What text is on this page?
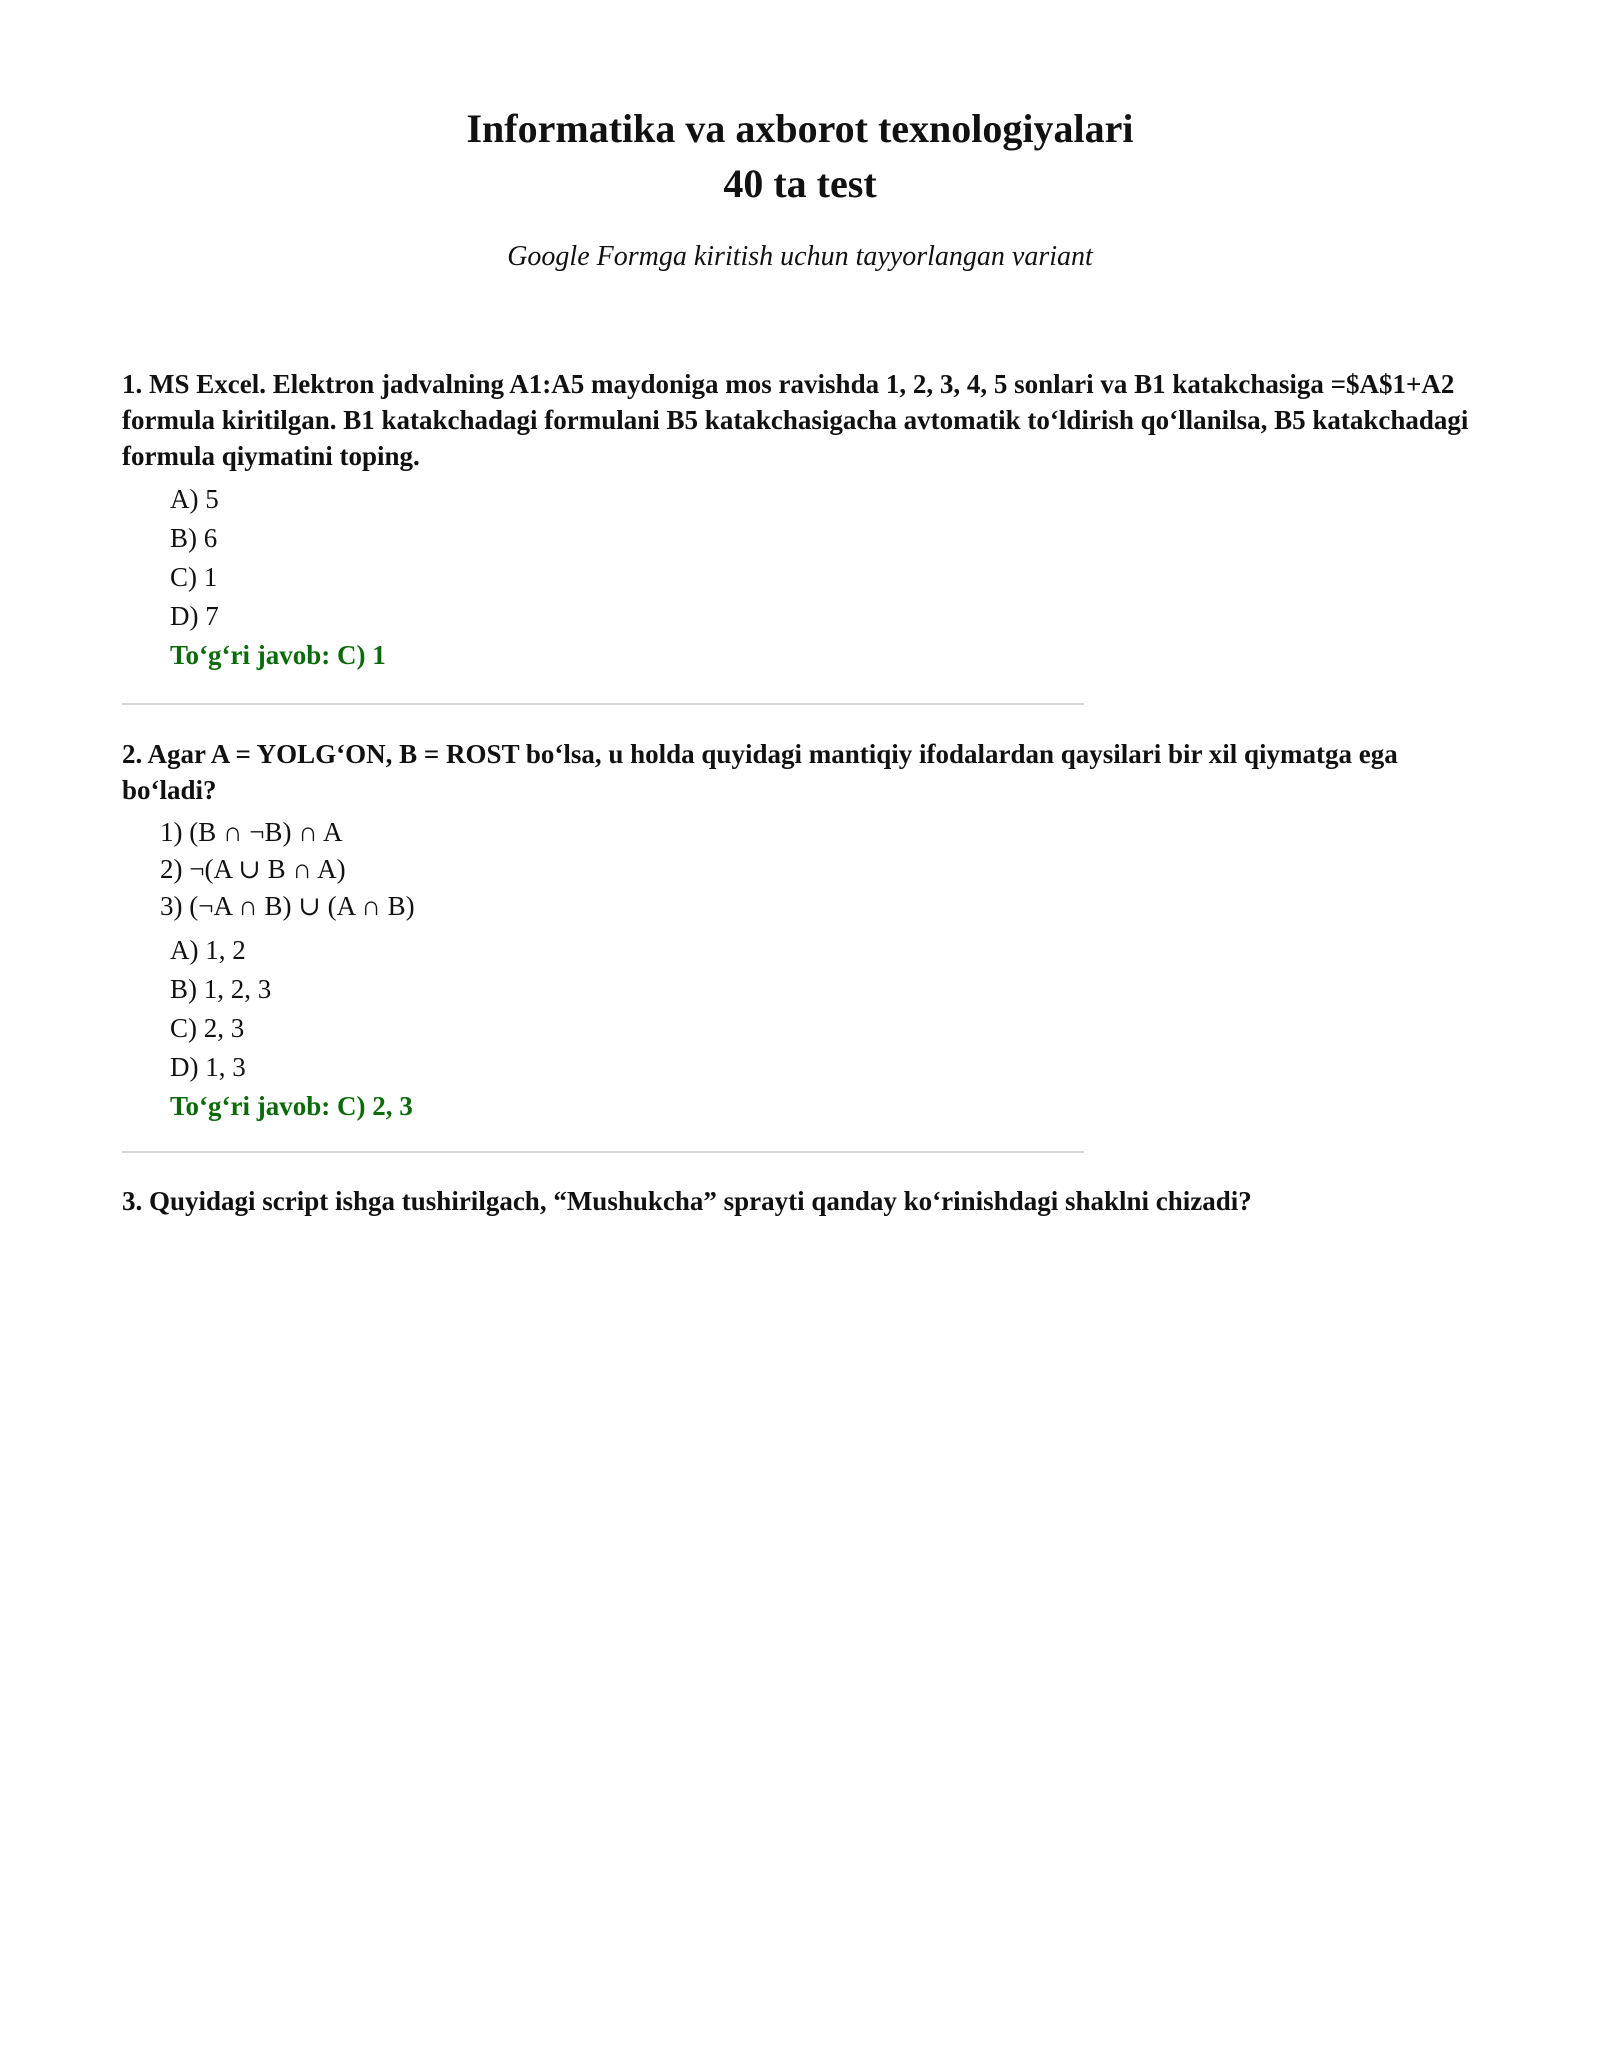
Informatika va axborot texnologiyalari
40 ta test

Google Formga kiritish uchun tayyorlangan variant

1. MS Excel. Elektron jadvalning A1:A5 maydoniga mos ravishda 1, 2, 3, 4, 5 sonlari va B1 katakchasiga =$A$1+A2 formula kiritilgan. B1 katakchadagi formulani B5 katakchasigacha avtomatik to‘ldirish qo‘llanilsa, B5 katakchadagi formula qiymatini toping.

A) 5
B) 6
C) 1
D) 7

To‘g‘ri javob: C) 1

2. Agar A = YOLG‘ON, B = ROST bo‘lsa, u holda quyidagi mantiqiy ifodalardan qaysilari bir xil qiymatga ega bo‘ladi?

1) (B ∩ ¬B) ∩ A
2) ¬(A ∪ B ∩ A)
3) (¬A ∩ B) ∪ (A ∩ B)
A) 1, 2
B) 1, 2, 3
C) 2, 3
D) 1, 3

To‘g‘ri javob: C) 2, 3

3. Quyidagi script ishga tushirilgach, “Mushukcha” sprayti qanday ko‘rinishdagi shaklni chizadi?
